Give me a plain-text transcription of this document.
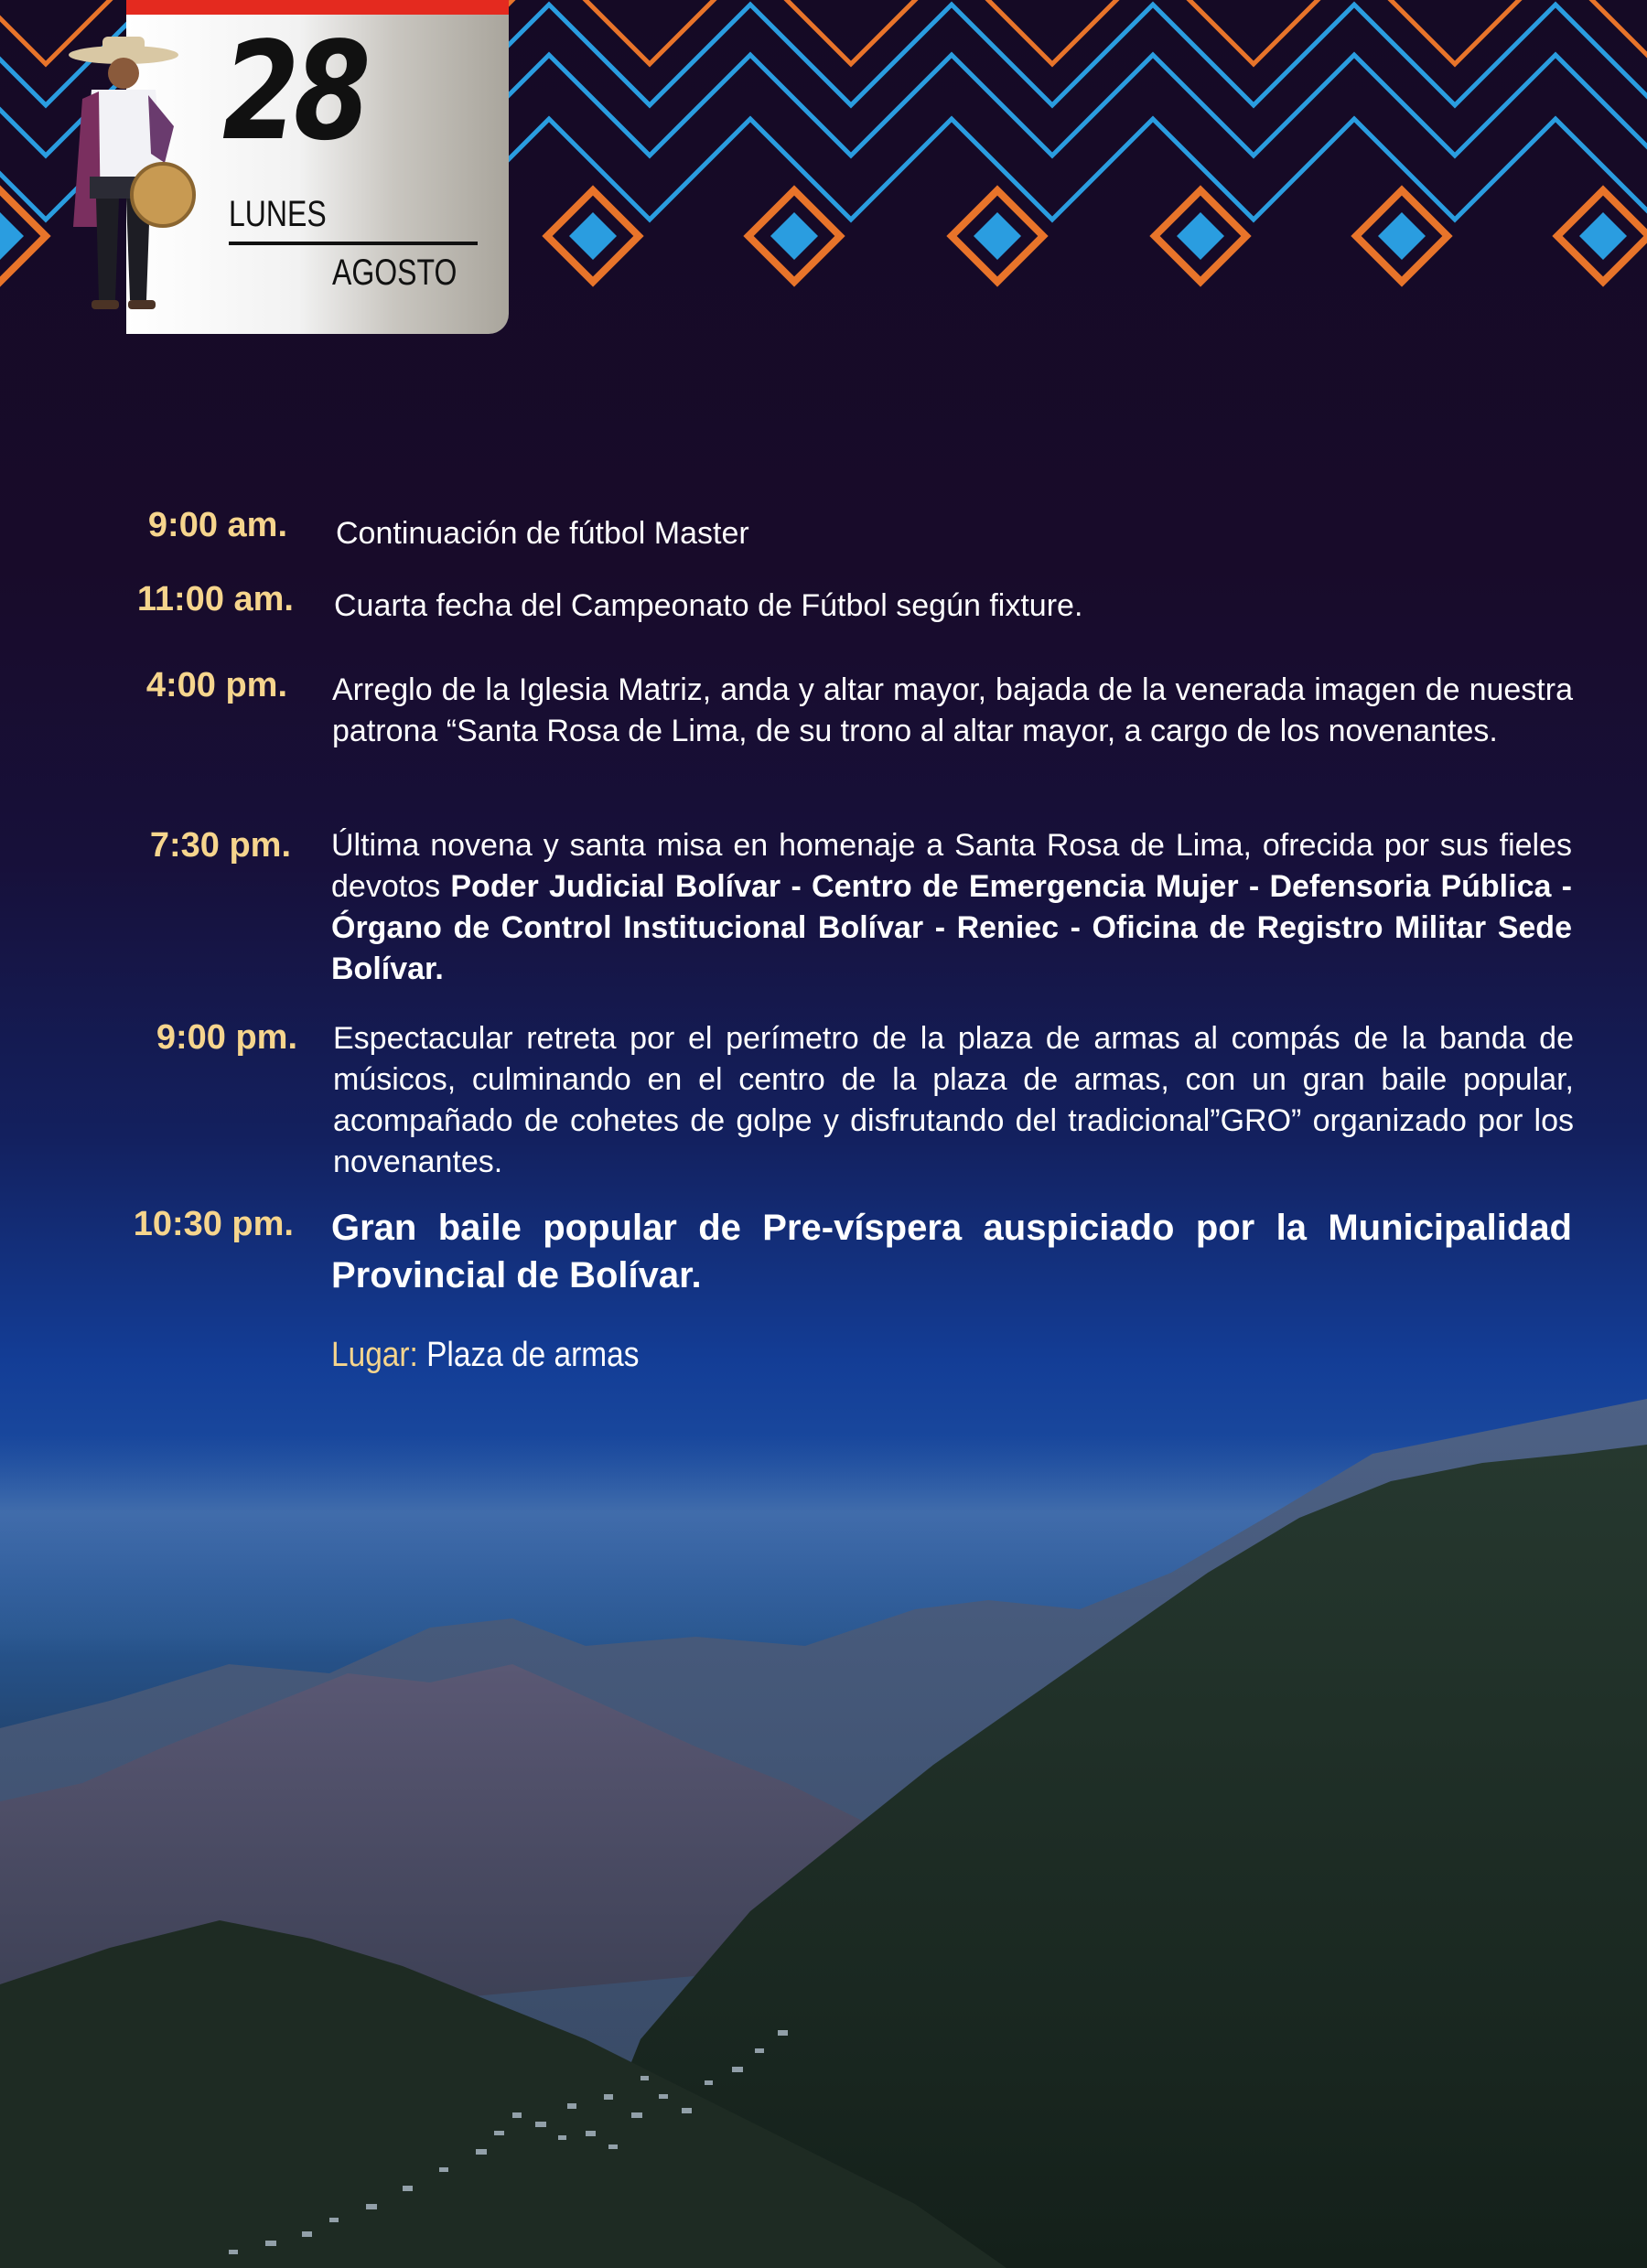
28
LUNES
AGOSTO
9:00 am. Continuación de fútbol Master
11:00 am. Cuarta fecha del Campeonato de Fútbol según fixture.
4:00 pm. Arreglo de la Iglesia Matriz, anda y altar mayor, bajada de la venerada imagen de nuestra patrona “Santa Rosa de Lima, de su trono al altar mayor, a cargo de los novenantes.
7:30 pm. Última novena y santa misa en homenaje a Santa Rosa de Lima, ofrecida por sus fieles devotos Poder Judicial Bolívar - Centro de Emergencia Mujer - Defensoria Pública - Órgano de Control Institucional Bolívar - Reniec - Oficina de Registro Militar Sede Bolívar.
9:00 pm. Espectacular retreta por el perímetro de la plaza de armas al compás de la banda de músicos, culminando en el centro de la plaza de armas, con un gran baile popular, acompañado de cohetes de golpe y disfrutando del tradicional”GRO” organizado por los novenantes.
10:30 pm. Gran baile popular de Pre-víspera auspiciado por la Municipalidad Provincial de Bolívar.
Lugar: Plaza de armas
